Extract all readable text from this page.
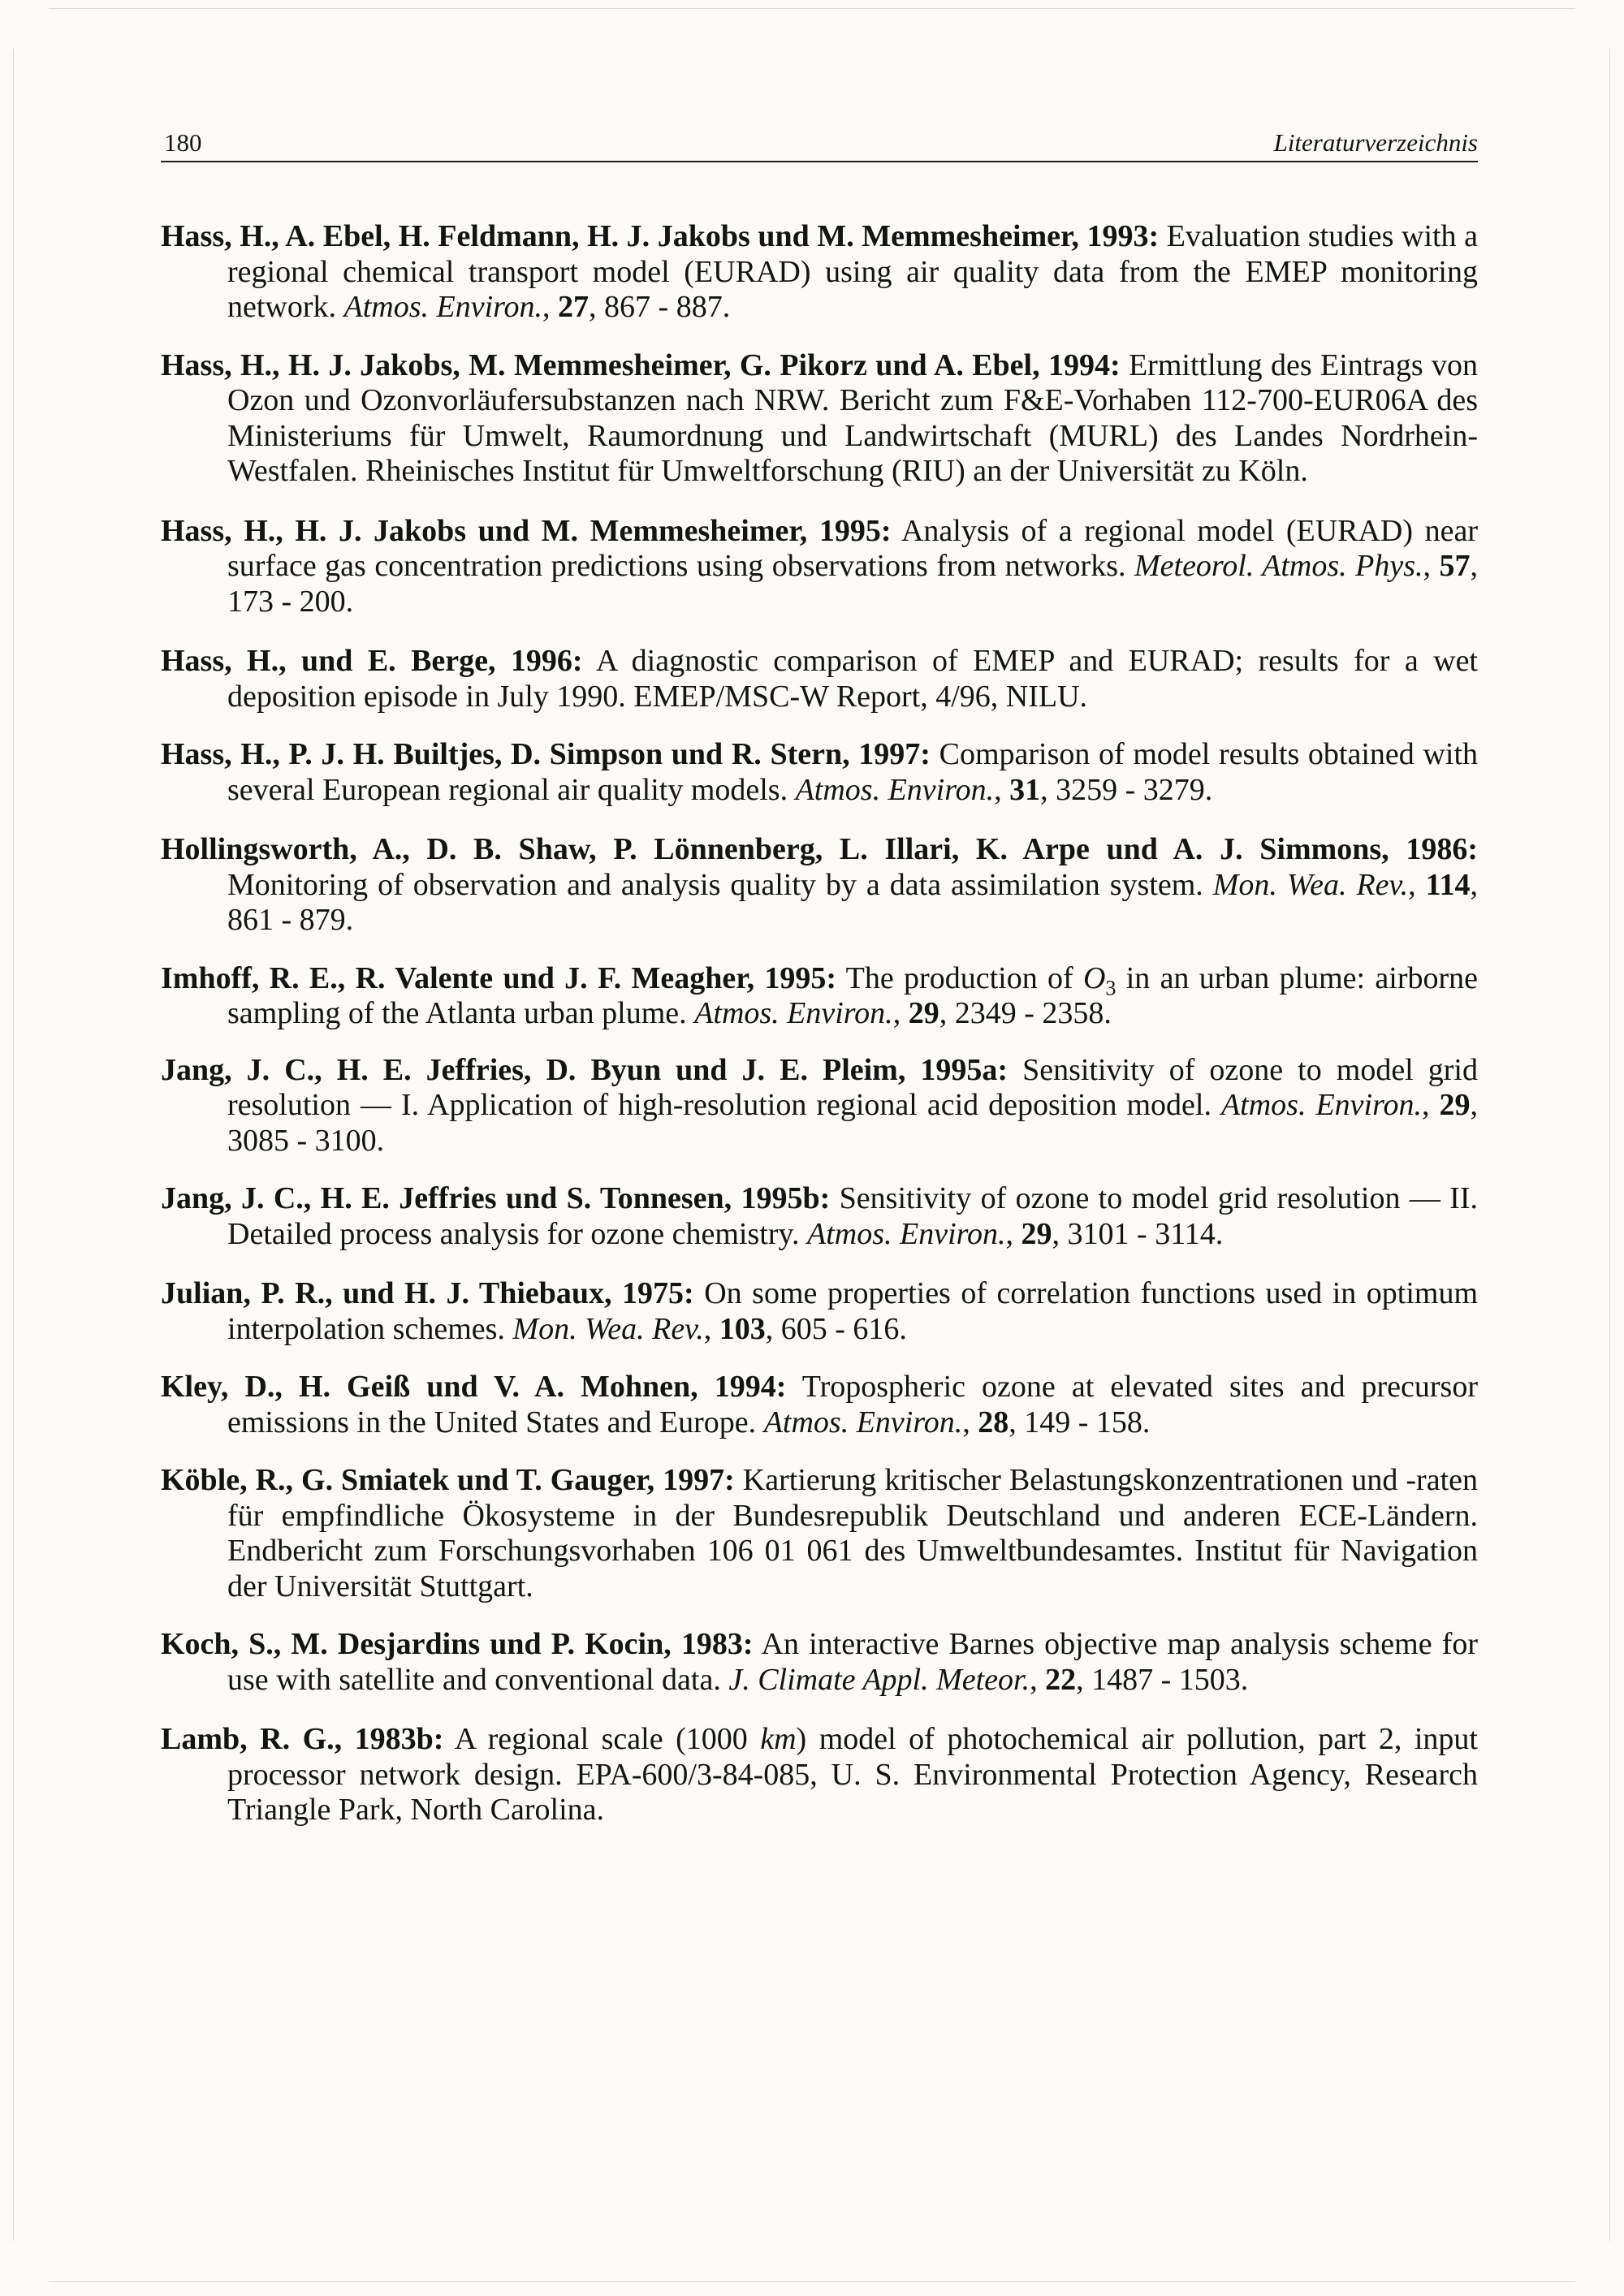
180	Literaturverzeichnis

Hass, H., A. Ebel, H. Feldmann, H. J. Jakobs und M. Memmesheimer, 1993: Evaluation studies with a regional chemical transport model (EURAD) using air quality data from the EMEP monitoring network. Atmos. Environ., 27, 867 - 887.

Hass, H., H. J. Jakobs, M. Memmesheimer, G. Pikorz und A. Ebel, 1994: Ermittlung des Eintrags von Ozon und Ozonvorläufersubstanzen nach NRW. Bericht zum F&E-Vorhaben 112-700-EUR06A des Ministeriums für Umwelt, Raumordnung und Landwirtschaft (MURL) des Landes Nordrhein-Westfalen. Rheinisches Institut für Umweltforschung (RIU) an der Universität zu Köln.

Hass, H., H. J. Jakobs und M. Memmesheimer, 1995: Analysis of a regional model (EURAD) near surface gas concentration predictions using observations from networks. Meteorol. Atmos. Phys., 57, 173 - 200.

Hass, H., und E. Berge, 1996: A diagnostic comparison of EMEP and EURAD; results for a wet deposition episode in July 1990. EMEP/MSC-W Report, 4/96, NILU.

Hass, H., P. J. H. Builtjes, D. Simpson und R. Stern, 1997: Comparison of model results obtained with several European regional air quality models. Atmos. Environ., 31, 3259 - 3279.

Hollingsworth, A., D. B. Shaw, P. Lönnenberg, L. Illari, K. Arpe und A. J. Simmons, 1986: Monitoring of observation and analysis quality by a data assimilation system. Mon. Wea. Rev., 114, 861 - 879.

Imhoff, R. E., R. Valente und J. F. Meagher, 1995: The production of $O_3$ in an urban plume: airborne sampling of the Atlanta urban plume. Atmos. Environ., 29, 2349 - 2358.

Jang, J. C., H. E. Jeffries, D. Byun und J. E. Pleim, 1995a: Sensitivity of ozone to model grid resolution — I. Application of high-resolution regional acid deposition model. Atmos. Environ., 29, 3085 - 3100.

Jang, J. C., H. E. Jeffries und S. Tonnesen, 1995b: Sensitivity of ozone to model grid resolution — II. Detailed process analysis for ozone chemistry. Atmos. Environ., 29, 3101 - 3114.

Julian, P. R., und H. J. Thiebaux, 1975: On some properties of correlation functions used in optimum interpolation schemes. Mon. Wea. Rev., 103, 605 - 616.

Kley, D., H. Geiß und V. A. Mohnen, 1994: Tropospheric ozone at elevated sites and precursor emissions in the United States and Europe. Atmos. Environ., 28, 149 - 158.

Köble, R., G. Smiatek und T. Gauger, 1997: Kartierung kritischer Belastungskonzentrationen und -raten für empfindliche Ökosysteme in der Bundesrepublik Deutschland und anderen ECE-Ländern. Endbericht zum Forschungsvorhaben 106 01 061 des Umweltbundesamtes. Institut für Navigation der Universität Stuttgart.

Koch, S., M. Desjardins und P. Kocin, 1983: An interactive Barnes objective map analysis scheme for use with satellite and conventional data. J. Climate Appl. Meteor., 22, 1487 - 1503.

Lamb, R. G., 1983b: A regional scale (1000 km) model of photochemical air pollution, part 2, input processor network design. EPA-600/3-84-085, U. S. Environmental Protection Agency, Research Triangle Park, North Carolina.
